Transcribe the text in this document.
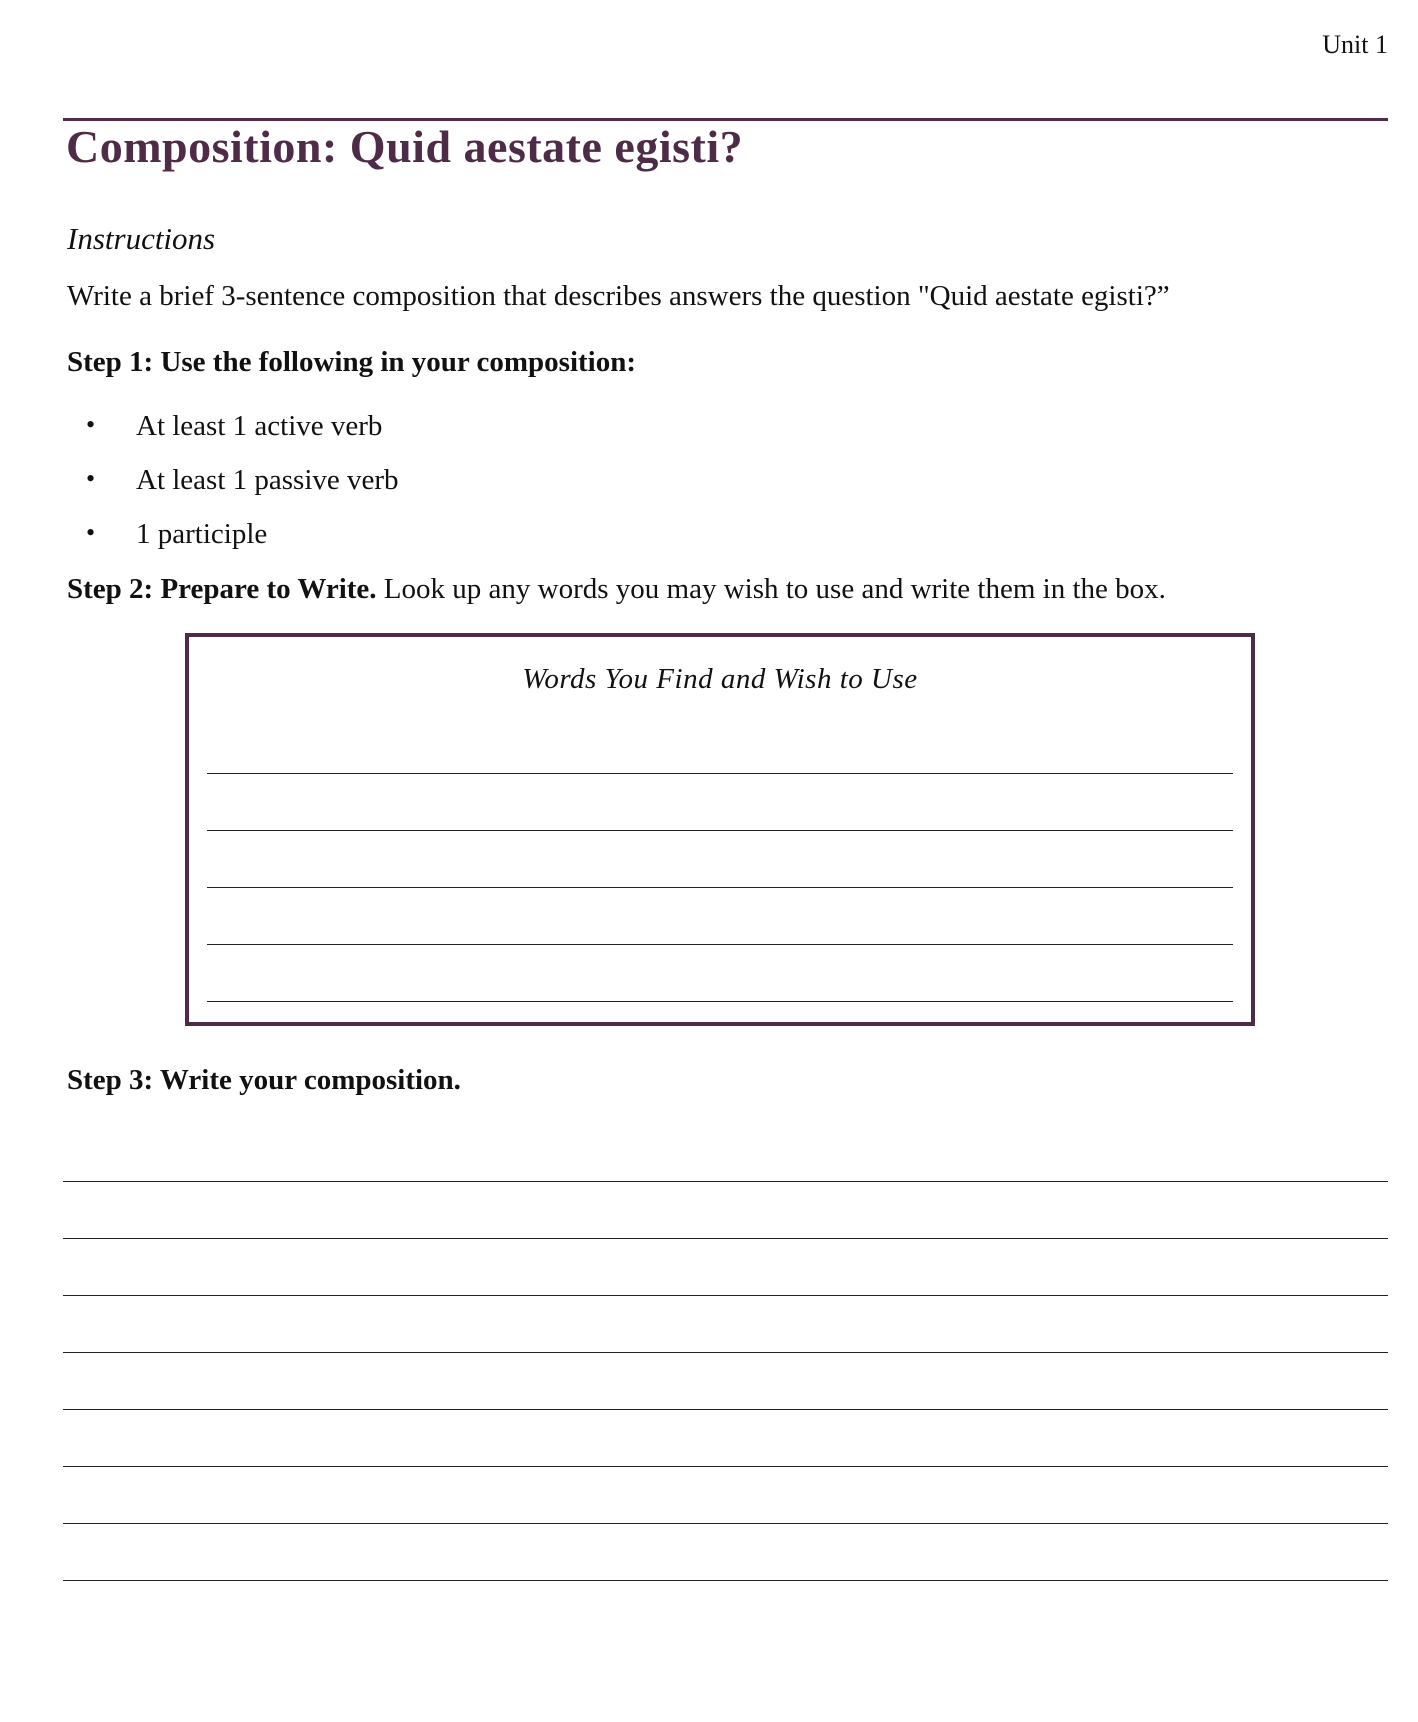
Unit 1
Composition: Quid aestate egisti?
Instructions
Write a brief 3-sentence composition that describes answers the question "Quid aestate egisti?”
Step 1: Use the following in your composition:
•	At least 1 active verb
•	At least 1 passive verb
•	1 participle
Step 2: Prepare to Write. Look up any words you may wish to use and write them in the box.
Words You Find and Wish to Use
Step 3: Write your composition.
